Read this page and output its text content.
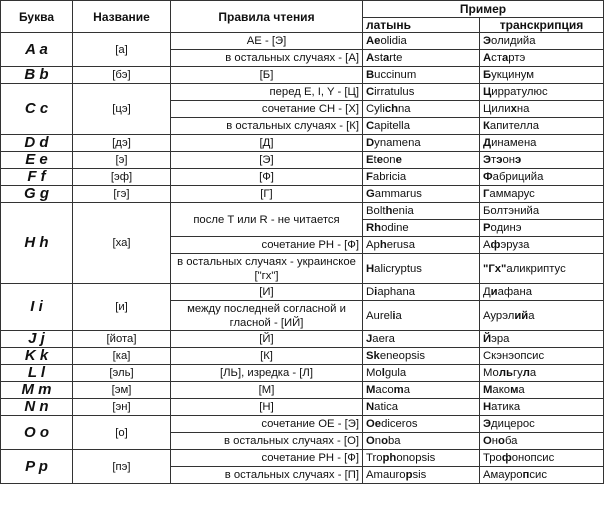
Буква	Название	Правила чтения	Пример	
			латынь	транскрипция
A a	[а]	AE - [Э]	Aeolidia	Эолидийа
		в остальных случаях - [А]	Astarte	Астартэ
B b	[бэ]	[Б]	Buccinum	Букцинум
C c	[цэ]	перед E, I, Y - [Ц]	Cirratulus	Цирратулюс
		сочетание CH - [Х]	Cylichna	Цилихна
		в остальных случаях - [К]	Capitella	Капителла
D d	[дэ]	[Д]	Dynamena	Динамена
E e	[э]	[Э]	Eteone	Этэонэ
F f	[эф]	[Ф]	Fabricia	Фабрицийа
G g	[гэ]	[Г]	Gammarus	Гаммарус
H h	[ха]	после T или R - не читается	Bolthenia	Болтэнийа
			Rhodine	Родинэ
		сочетание PH - [Ф]	Apherusa	Афэруза
		в остальных случаях - украинское ["гх"]	Halicryptus	"Гх"аликриптус
I i	[и]	[И]	Diaphana	Диафана
		между последней согласной и гласной - [ИЙ]	Aurelia	Аурэлийа
J j	[йота]	[Й]	Jaera	Йэра
K k	[ка]	[К]	Skeneopsis	Скэнэопсис
L l	[эль]	[ЛЬ], изредка - [Л]	Molgula	Мольгула
M m	[эм]	[М]	Macoma	Макома
N n	[эн]	[Н]	Natica	Натика
O o	[о]	сочетание OE - [Э]	Oediceros	Эдицерос
		в остальных случаях - [О]	Onoba	Оноба
P p	[пэ]	сочетание PH - [Ф]	Trophonopsis	Трофонопсис
		в остальных случаях - [П]	Amauropsis	Амауропсис
